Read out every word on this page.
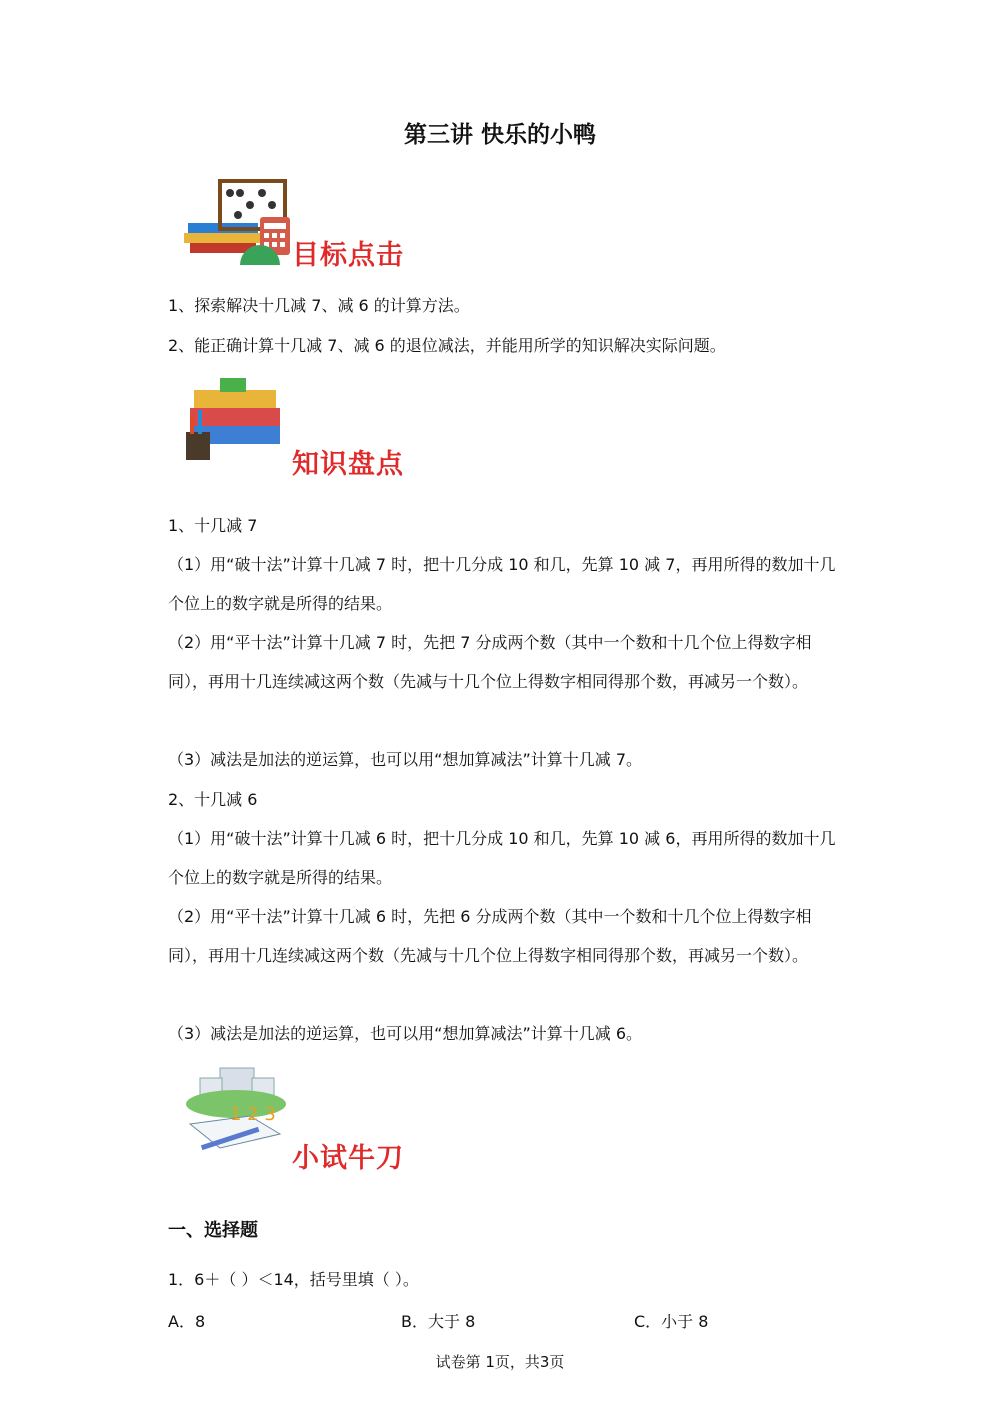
第三讲 快乐的小鸭
目标点击
1、探索解决十几减 7、减 6 的计算方法。
2、能正确计算十几减 7、减 6 的退位减法，并能用所学的知识解决实际问题。
知识盘点
1、十几减 7
（1）用“破十法”计算十几减 7 时，把十几分成 10 和几，先算 10 减 7，再用所得的数加十几个位上的数字就是所得的结果。
（2）用“平十法”计算十几减 7 时，先把 7 分成两个数（其中一个数和十几个位上得数字相同），再用十几连续减这两个数（先减与十几个位上得数字相同得那个数，再减另一个数）。
（3）减法是加法的逆运算，也可以用“想加算减法”计算十几减 7。
2、十几减 6
（1）用“破十法”计算十几减 6 时，把十几分成 10 和几，先算 10 减 6，再用所得的数加十几个位上的数字就是所得的结果。
（2）用“平十法”计算十几减 6 时，先把 6 分成两个数（其中一个数和十几个位上得数字相同），再用十几连续减这两个数（先减与十几个位上得数字相同得那个数，再减另一个数）。
（3）减法是加法的逆运算，也可以用“想加算减法”计算十几减 6。
1 2 3
小试牛刀
一、选择题
1．6＋（ ）＜14，括号里填（ ）。
A．8	B．大于 8	C．小于 8
试卷第 1页，共3页
